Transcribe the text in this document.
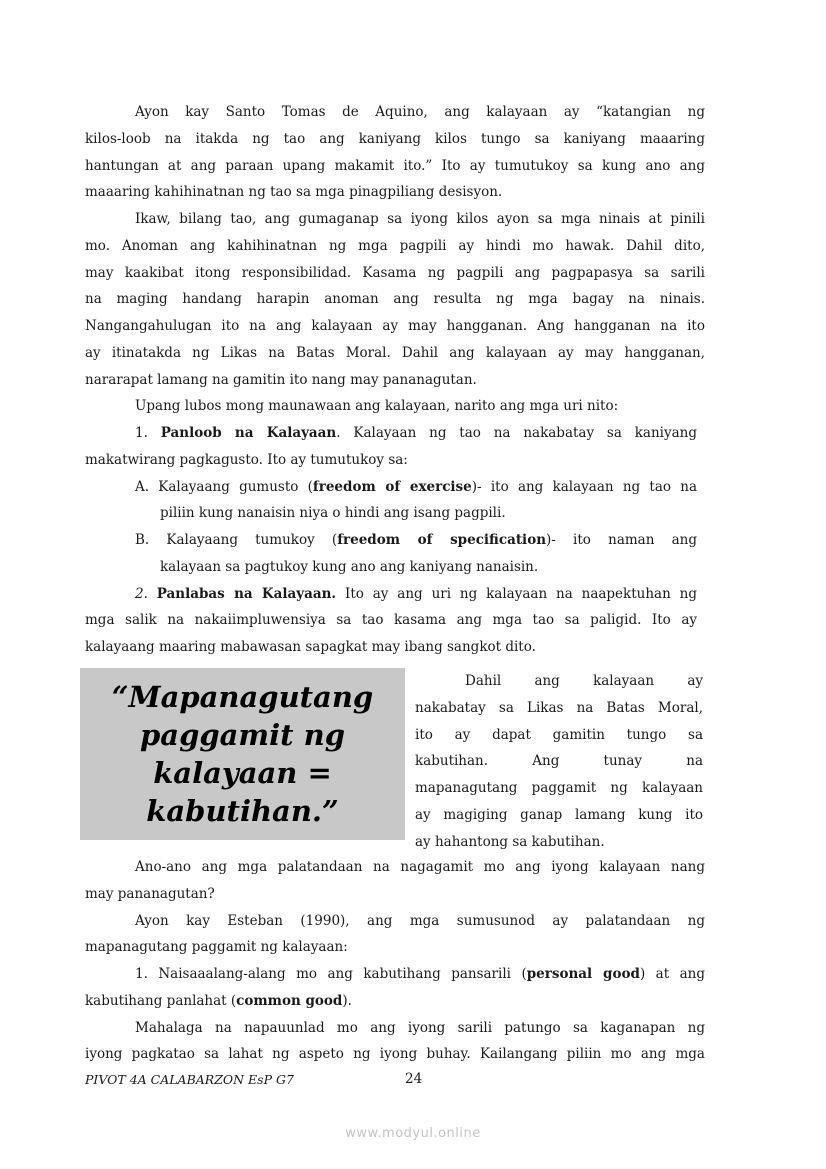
Ayon kay Santo Tomas de Aquino, ang kalayaan ay “katangian ng
kilos-loob na itakda ng tao ang kaniyang kilos tungo sa kaniyang maaaring
hantungan at ang paraan upang makamit ito.” Ito ay tumutukoy sa kung ano ang
maaaring kahihinatnan ng tao sa mga pinagpiliang desisyon.
Ikaw, bilang tao, ang gumaganap sa iyong kilos ayon sa mga ninais at pinili
mo. Anoman ang kahihinatnan ng mga pagpili ay hindi mo hawak. Dahil dito,
may kaakibat itong responsibilidad. Kasama ng pagpili ang pagpapasya sa sarili
na maging handang harapin anoman ang resulta ng mga bagay na ninais.
Nangangahulugan ito na ang kalayaan ay may hangganan. Ang hangganan na ito
ay itinatakda ng Likas na Batas Moral. Dahil ang kalayaan ay may hangganan,
nararapat lamang na gamitin ito nang may pananagutan.
Upang lubos mong maunawaan ang kalayaan, narito ang mga uri nito:
1. Panloob na Kalayaan. Kalayaan ng tao na nakabatay sa kaniyang
makatwirang pagkagusto. Ito ay tumutukoy sa:
A. Kalayaang gumusto (freedom of exercise)- ito ang kalayaan ng tao na
piliin kung nanaisin niya o hindi ang isang pagpili.
B. Kalayaang tumukoy (freedom of specification)- ito naman ang
kalayaan sa pagtukoy kung ano ang kaniyang nanaisin.
2. Panlabas na Kalayaan. Ito ay ang uri ng kalayaan na naapektuhan ng
mga salik na nakaiimpluwensiya sa tao kasama ang mga tao sa paligid. Ito ay
kalayaang maaring mabawasan sapagkat may ibang sangkot dito.
“Mapanagutang
paggamit ng
kalayaan =
kabutihan.”
Dahil ang kalayaan ay
nakabatay sa Likas na Batas Moral,
ito ay dapat gamitin tungo sa
kabutihan. Ang tunay na
mapanagutang paggamit ng kalayaan
ay magiging ganap lamang kung ito
ay hahantong sa kabutihan.
Ano-ano ang mga palatandaan na nagagamit mo ang iyong kalayaan nang
may pananagutan?
Ayon kay Esteban (1990), ang mga sumusunod ay palatandaan ng
mapanagutang paggamit ng kalayaan:
1. Naisaaalang-alang mo ang kabutihang pansarili (personal good) at ang
kabutihang panlahat (common good).
Mahalaga na napauunlad mo ang iyong sarili patungo sa kaganapan ng
iyong pagkatao sa lahat ng aspeto ng iyong buhay. Kailangang piliin mo ang mga
PIVOT 4A CALABARZON EsP G7	24
www.modyul.online
